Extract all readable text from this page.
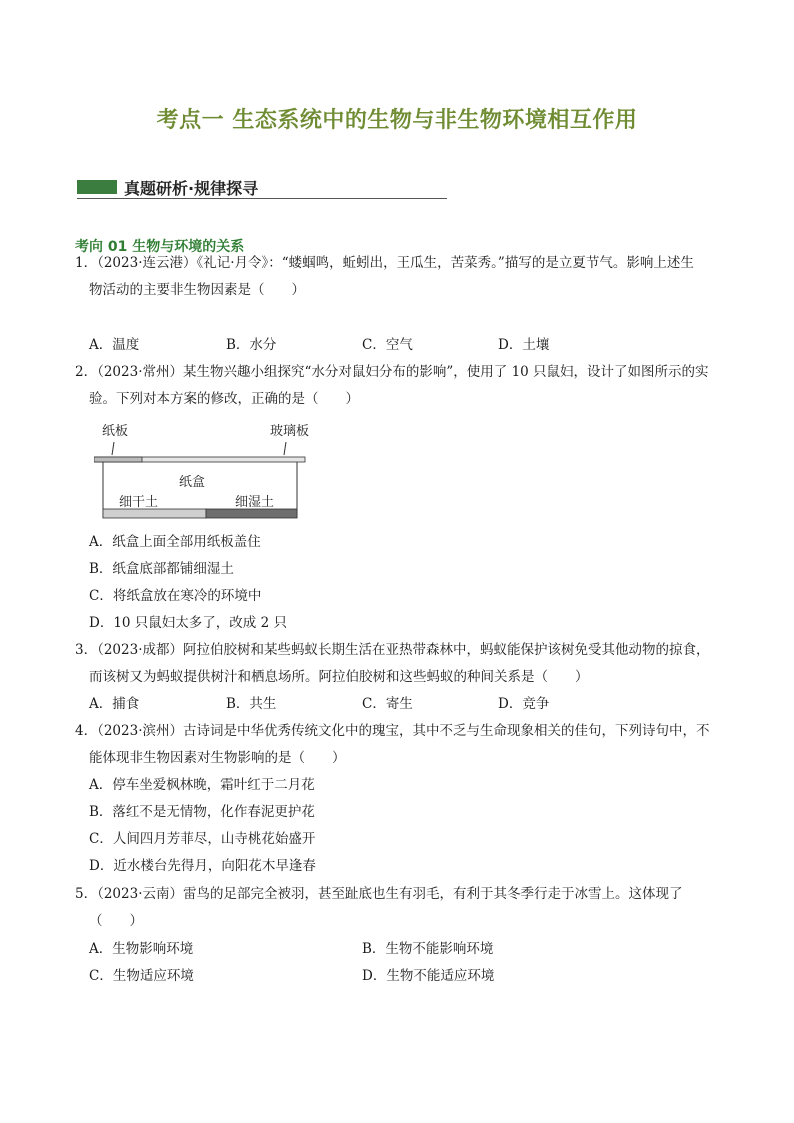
考点一 生态系统中的生物与非生物环境相互作用
真题研析·规律探寻
考向 01 生物与环境的关系
1．（2023·连云港）《礼记·月令》：“蝼蝈鸣，蚯蚓出，王瓜生，苦菜秀。”描写的是立夏节气。影响上述生
物活动的主要非生物因素是（　　）
A．温度	B．水分	C．空气	D．土壤
2．（2023·常州）某生物兴趣小组探究“水分对鼠妇分布的影响”，使用了 10 只鼠妇，设计了如图所示的实
验。下列对本方案的修改，正确的是（　　）
纸板	玻璃板
纸盒
细干土	细湿土
A．纸盒上面全部用纸板盖住
B．纸盒底部都铺细湿土
C．将纸盒放在寒冷的环境中
D．10 只鼠妇太多了，改成 2 只
3．（2023·成都）阿拉伯胶树和某些蚂蚁长期生活在亚热带森林中，蚂蚁能保护该树免受其他动物的掠食，
而该树又为蚂蚁提供树汁和栖息场所。阿拉伯胶树和这些蚂蚁的种间关系是（　　）
A．捕食	B．共生	C．寄生	D．竞争
4．（2023·滨州）古诗词是中华优秀传统文化中的瑰宝，其中不乏与生命现象相关的佳句，下列诗句中，不
能体现非生物因素对生物影响的是（　　）
A．停车坐爱枫林晚，霜叶红于二月花
B．落红不是无情物，化作春泥更护花
C．人间四月芳菲尽，山寺桃花始盛开
D．近水楼台先得月，向阳花木早逢春
5．（2023·云南）雷鸟的足部完全被羽，甚至趾底也生有羽毛，有利于其冬季行走于冰雪上。这体现了
（　　）
A．生物影响环境	B．生物不能影响环境
C．生物适应环境	D．生物不能适应环境
